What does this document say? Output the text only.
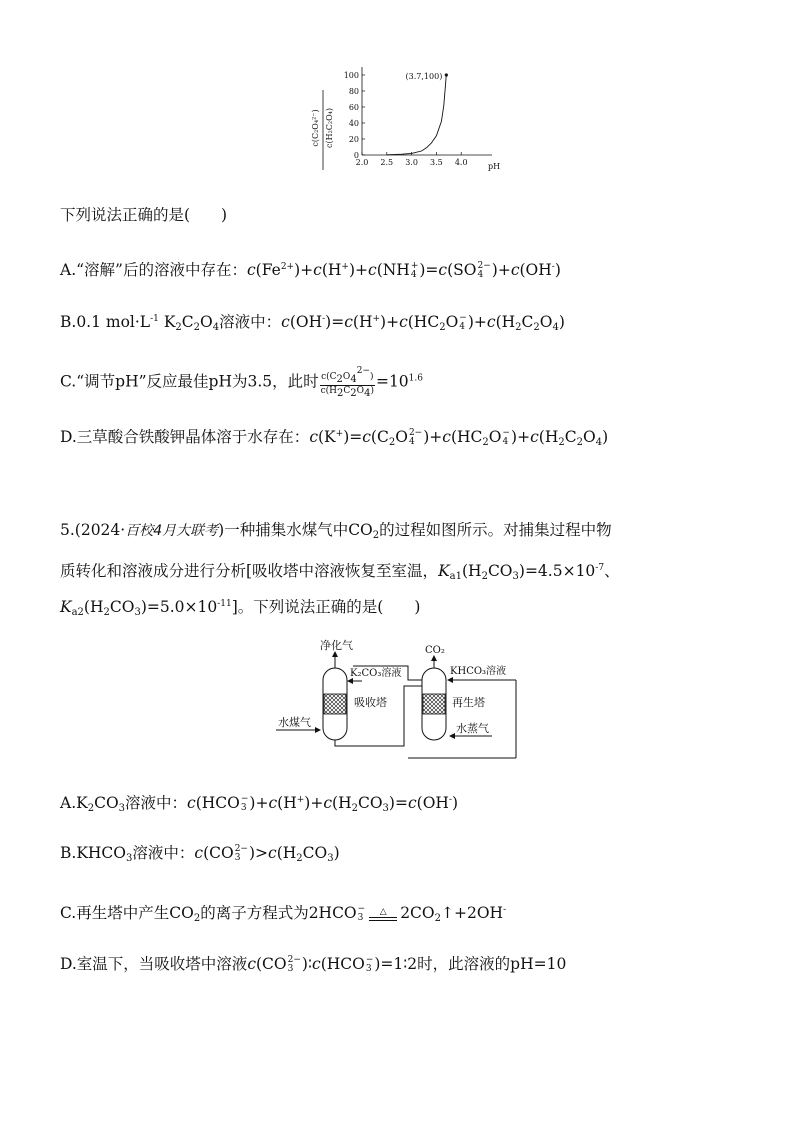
c(C₂O₄²⁻) c(H₂C₂O₄)
0
20
40
60
80
100
2.0 2.5 3.0 3.5 4.0	pH
(3.7,100)
下列说法正确的是(　　)
A.“溶解”后的溶液中存在：$c(Fe^{2+})+c(H^+)+c(NH$ +
4 )=c(SO 2−
4 )+c(OH-)
B.0.1 $mol\cdot L^{-1}$ $K_2C_2O_4$溶液中：$c(OH^-)=c(H^+)+c(HC_2O$ −
4 )$+c(H_2C_2O_4)$
C.“调节pH”反应最佳pH为3.5，此时 $\frac{c(C_2O_4^{2-})}{c(H_2C_2O_4)} =10^{1.6}$
D.三草酸合铁酸钾晶体溶于水存在：$c(K^+)=c(C_2O$ 2−
4 )$+c(HC_2O$ −
4 )$+c(H_2C_2O_4)$
5.(2024·百校4月大联考)一种捕集水煤气中$CO_2$的过程如图所示。对捕集过程中物
质转化和溶液成分进行分析[吸收塔中溶液恢复至室温，$K_{a1}(H_2CO_3)=4.5\times 10^{-7}$、
$K_{a2}(H_2CO_3)=5.0\times 10^{-11}$]。下列说法正确的是(　　)
净化气	CO₂
K₂CO₃溶液	KHCO₃溶液
水煤气
吸收塔	再生塔
水蒸气
$A.K_2CO_3$溶液中：c(HCO −
3 )$+c(H^+)+c(H_2CO_3)=c(OH^-)$
$B.KHCO_3$溶液中：c(CO 2−
3 )$>c(H_2CO_3)$
C.再生塔中产生$CO_2$的离子方程式为2HCO −
3
△ $2CO_2↑+2OH^-$
D.室温下，当吸收塔中溶液c(CO 2−
3 )∶c(HCO −
3 )=1∶2时，此溶液的pH=10
